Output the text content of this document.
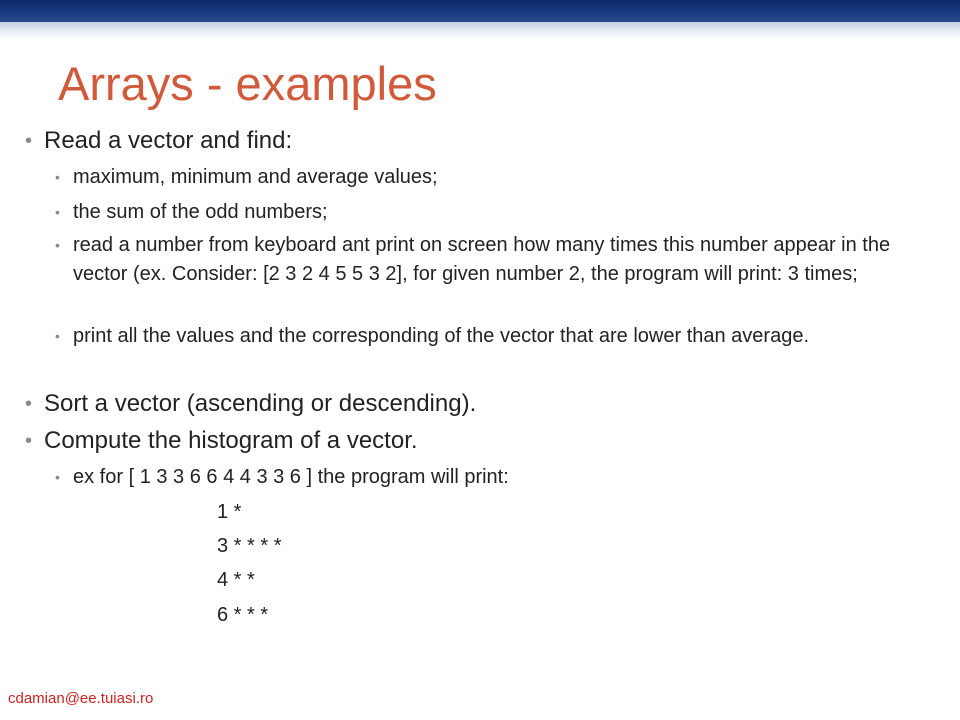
Arrays - examples
• Read a vector and find:

• maximum, minimum and average values;

• the sum of the odd numbers;

• read a number from keyboard ant print on screen how many times this number appear in the vector (ex. Consider: [2 3 2 4 5 5 3 2], for given number 2, the program will print: 3 times;

• print all the values and the corresponding of the vector that are lower than average.

• Sort a vector (ascending or descending).

• Compute the histogram of a vector.

• ex for [ 1 3 3 6 6 4 4 3 3 6 ] the program will print:

1 *
3 * * * *
4 * *
6 * * *
cdamian@ee.tuiasi.ro
